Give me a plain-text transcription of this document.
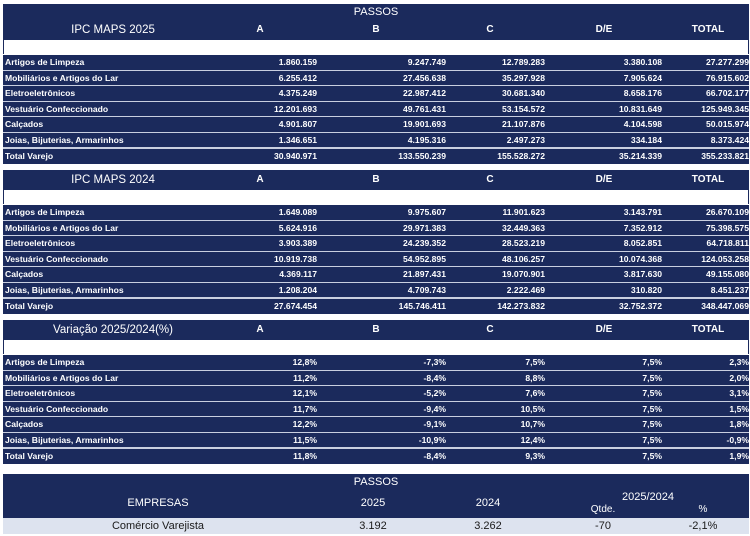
PASSOS
IPC MAPS 2025	A	B	C	D/E	TOTAL
Artigos de Limpeza	1.860.159	9.247.749	12.789.283	3.380.108	27.277.299
Mobiliários e Artigos do Lar	6.255.412	27.456.638	35.297.928	7.905.624	76.915.602
Eletroeletrônicos	4.375.249	22.987.412	30.681.340	8.658.176	66.702.177
Vestuário Confeccionado	12.201.693	49.761.431	53.154.572	10.831.649	125.949.345
Calçados	4.901.807	19.901.693	21.107.876	4.104.598	50.015.974
Joias, Bijuterias, Armarinhos	1.346.651	4.195.316	2.497.273	334.184	8.373.424
Total Varejo	30.940.971	133.550.239	155.528.272	35.214.339	355.233.821
IPC MAPS 2024	A	B	C	D/E	TOTAL
Artigos de Limpeza	1.649.089	9.975.607	11.901.623	3.143.791	26.670.109
Mobiliários e Artigos do Lar	5.624.916	29.971.383	32.449.363	7.352.912	75.398.575
Eletroeletrônicos	3.903.389	24.239.352	28.523.219	8.052.851	64.718.811
Vestuário Confeccionado	10.919.738	54.952.895	48.106.257	10.074.368	124.053.258
Calçados	4.369.117	21.897.431	19.070.901	3.817.630	49.155.080
Joias, Bijuterias, Armarinhos	1.208.204	4.709.743	2.222.469	310.820	8.451.237
Total Varejo	27.674.454	145.746.411	142.273.832	32.752.372	348.447.069
Variação 2025/2024(%)	A	B	C	D/E	TOTAL
Artigos de Limpeza	12,8%	-7,3%	7,5%	7,5%	2,3%
Mobiliários e Artigos do Lar	11,2%	-8,4%	8,8%	7,5%	2,0%
Eletroeletrônicos	12,1%	-5,2%	7,6%	7,5%	3,1%
Vestuário Confeccionado	11,7%	-9,4%	10,5%	7,5%	1,5%
Calçados	12,2%	-9,1%	10,7%	7,5%	1,8%
Joias, Bijuterias, Armarinhos	11,5%	-10,9%	12,4%	7,5%	-0,9%
Total Varejo	11,8%	-8,4%	9,3%	7,5%	1,9%
PASSOS
EMPRESAS	2025	2024	2025/2024
Qtde.	%
Comércio Varejista	3.192	3.262	-70	-2,1%
